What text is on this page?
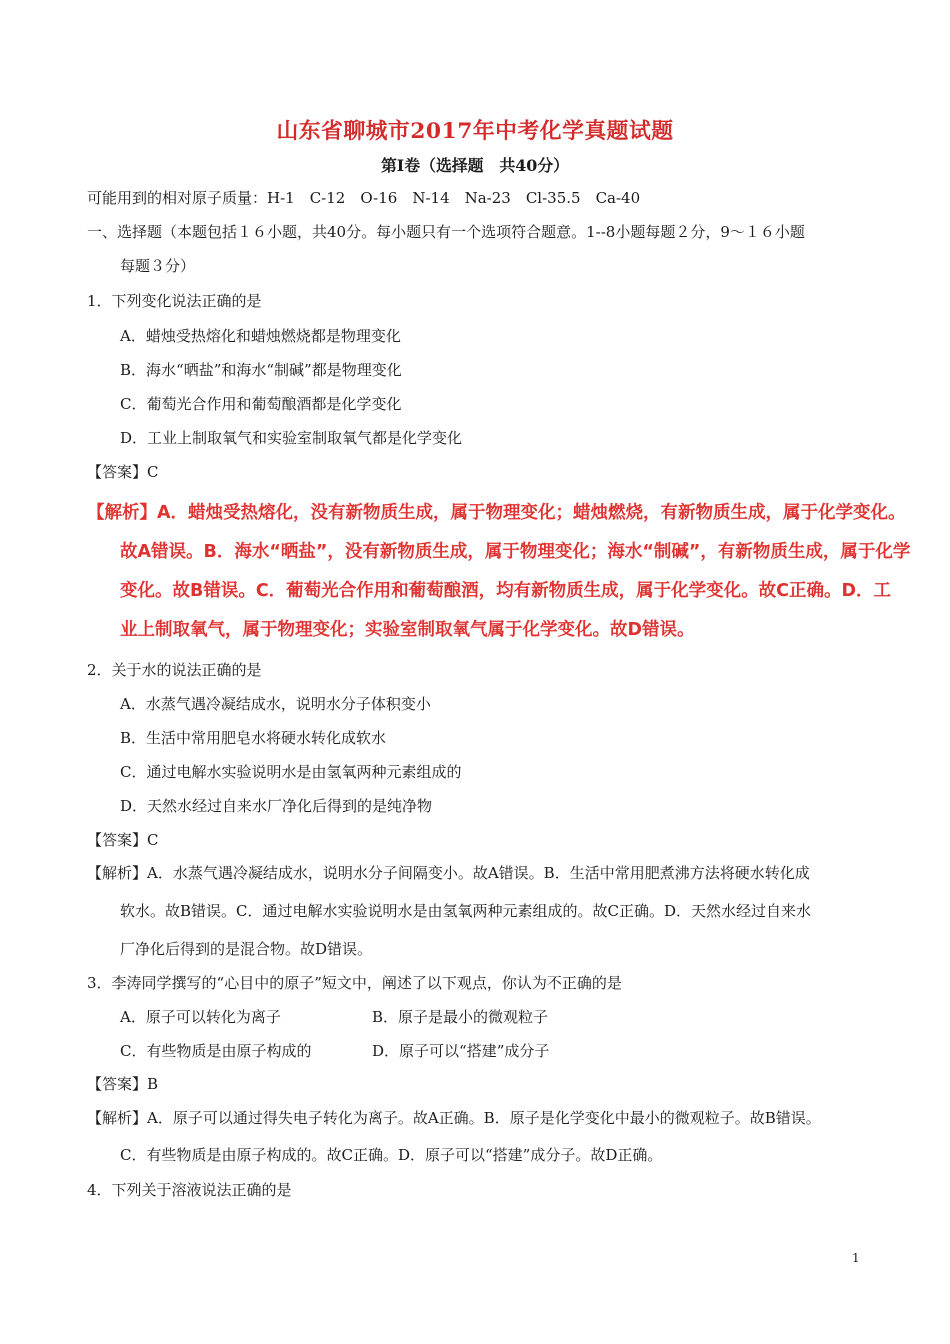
山东省聊城市2017年中考化学真题试题
第Ⅰ卷（选择题　共40分）
可能用到的相对原子质量：H-1　C-12　O-16　N-14　Na-23　Cl-35.5　Ca-40
一、选择题（本题包括１６小题，共40分。每小题只有一个选项符合题意。1--8小题每题２分，9～１６小题
每题３分）
1．下列变化说法正确的是
A．蜡烛受热熔化和蜡烛燃烧都是物理变化
B．海水“晒盐”和海水“制碱”都是物理变化
C．葡萄光合作用和葡萄酿酒都是化学变化
D．工业上制取氧气和实验室制取氧气都是化学变化
【答案】C
【解析】A．蜡烛受热熔化，没有新物质生成，属于物理变化；蜡烛燃烧，有新物质生成，属于化学变化。
故A错误。B．海水“晒盐”，没有新物质生成，属于物理变化；海水“制碱”，有新物质生成，属于化学
变化。故B错误。C．葡萄光合作用和葡萄酿酒，均有新物质生成，属于化学变化。故C正确。D．工
业上制取氧气，属于物理变化；实验室制取氧气属于化学变化。故D错误。
2．关于水的说法正确的是
A．水蒸气遇冷凝结成水，说明水分子体积变小
B．生活中常用肥皂水将硬水转化成软水
C．通过电解水实验说明水是由氢氧两种元素组成的
D．天然水经过自来水厂净化后得到的是纯净物
【答案】C
【解析】A．水蒸气遇冷凝结成水，说明水分子间隔变小。故A错误。B．生活中常用肥煮沸方法将硬水转化成
软水。故B错误。C．通过电解水实验说明水是由氢氧两种元素组成的。故C正确。D．天然水经过自来水
厂净化后得到的是混合物。故D错误。
3．李涛同学撰写的“心目中的原子”短文中，阐述了以下观点，你认为不正确的是
A．原子可以转化为离子	B．原子是最小的微观粒子
C．有些物质是由原子构成的	D．原子可以“搭建”成分子
【答案】B
【解析】A．原子可以通过得失电子转化为离子。故A正确。B．原子是化学变化中最小的微观粒子。故B错误。
C．有些物质是由原子构成的。故C正确。D．原子可以“搭建”成分子。故D正确。
4．下列关于溶液说法正确的是
1
